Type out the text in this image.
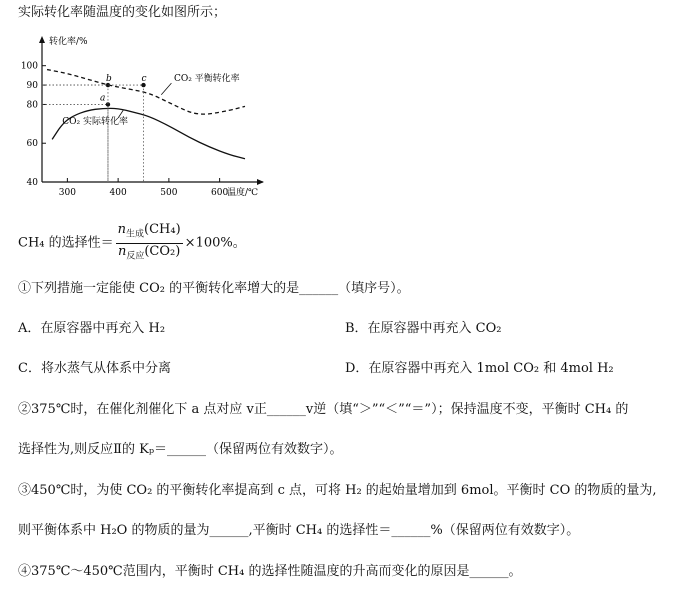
实际转化率随温度的变化如图所示；
转化率/%
温度/℃
40
60
80
90
100
300	400	500	600
CO₂ 平衡转化率
CO₂ 实际转化率
a
b	c
CH₄ 的选择性＝ $\frac{n_{生成}(CH_4)}{n_{反应}(CO_2)} \times 100\%$。
①下列措施一定能使 CO₂ 的平衡转化率增大的是______（填序号）。
A．在原容器中再充入 H₂	B．在原容器中再充入 CO₂
C．将水蒸气从体系中分离	D．在原容器中再充入 1mol CO₂ 和 4mol H₂
②375℃时，在催化剂催化下 a 点对应 v正______v逆（填“＞”“＜”“＝”）；保持温度不变，平衡时 CH₄ 的
选择性为,则反应Ⅱ的 Kₚ＝______（保留两位有效数字）。
③450℃时，为使 CO₂ 的平衡转化率提高到 c 点，可将 H₂ 的起始量增加到 6mol。平衡时 CO 的物质的量为,
则平衡体系中 H₂O 的物质的量为______,平衡时 CH₄ 的选择性＝______%（保留两位有效数字）。
④375℃～450℃范围内，平衡时 CH₄ 的选择性随温度的升高而变化的原因是______。
